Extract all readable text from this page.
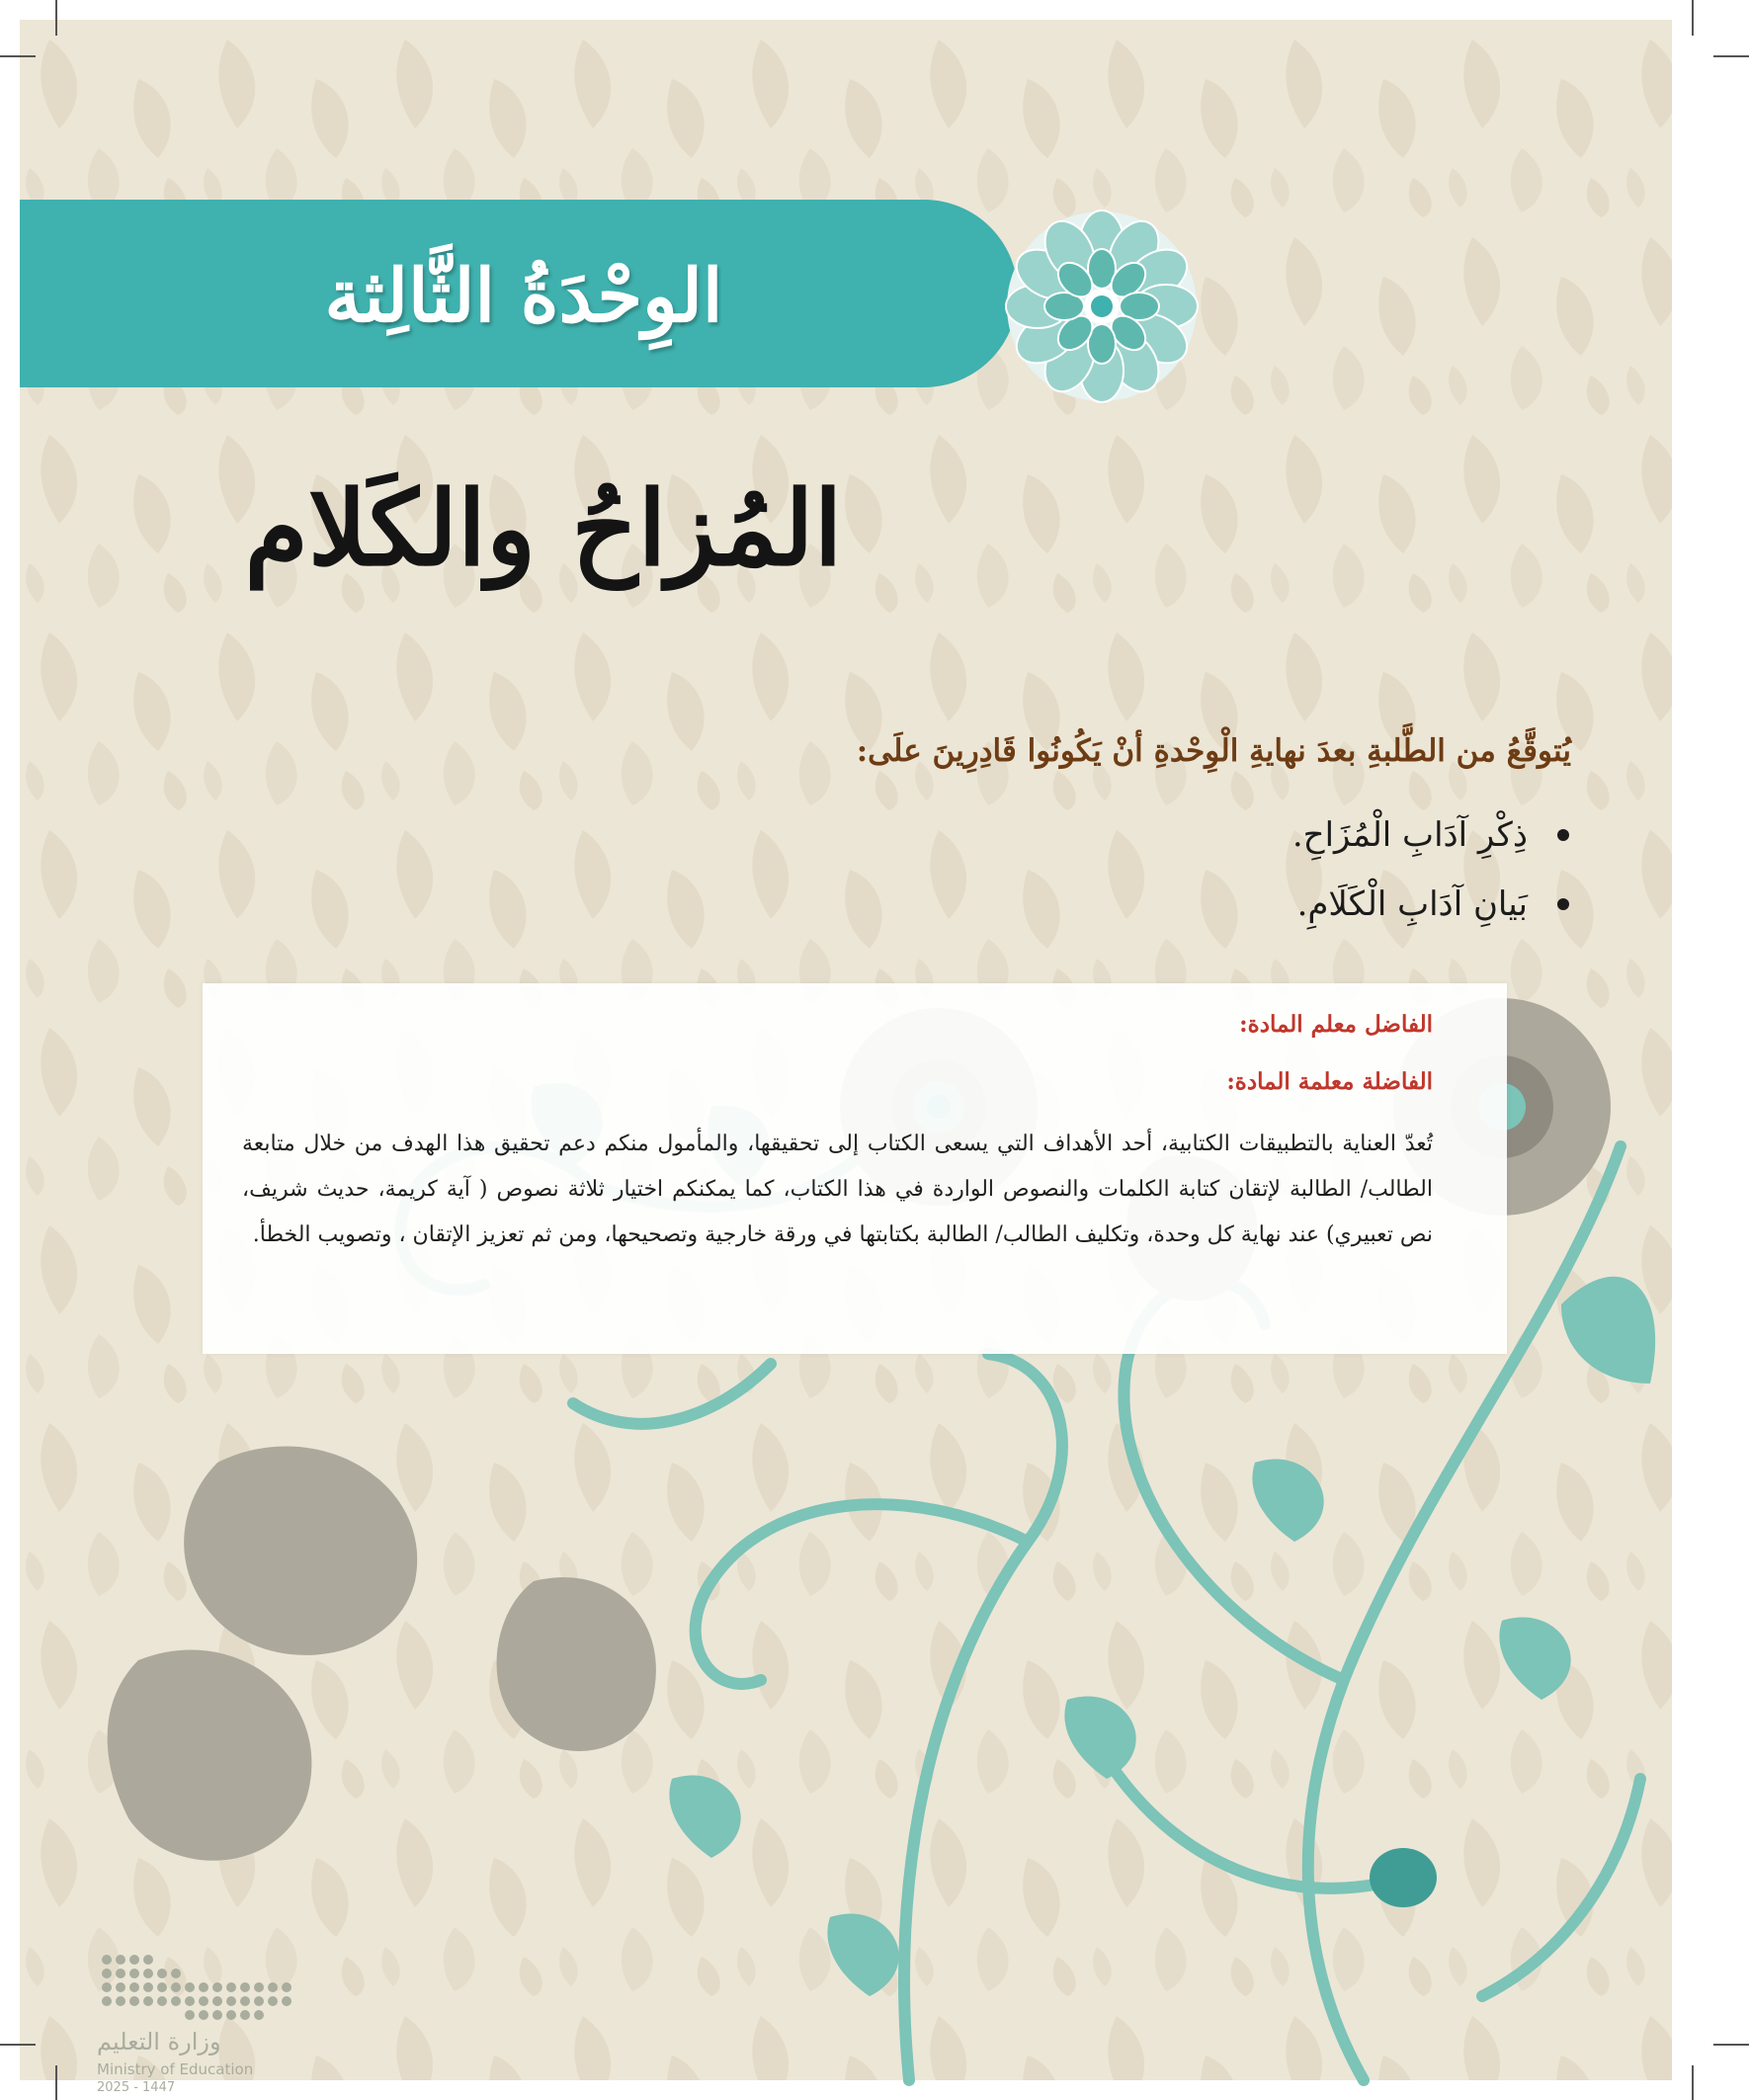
الوِحْدَةُ الثَّالِثة
المُزاحُ والكَلام
يُتوقَّعُ من الطَّلبةِ بعدَ نهايةِ الْوِحْدةِ أنْ يَكُونُوا قَادِرِينَ علَى:
ذِكْرِ آدَابِ الْمُزَاحِ.
بَيانِ آدَابِ الْكَلَامِ.
الفاضل معلم المادة:
الفاضلة معلمة المادة:
تُعدّ العناية بالتطبيقات الكتابية، أحد الأهداف التي يسعى الكتاب إلى تحقيقها، والمأمول منكم دعم تحقيق هذا الهدف من خلال متابعة الطالب/ الطالبة لإتقان كتابة الكلمات والنصوص الواردة في هذا الكتاب، كما يمكنكم اختيار ثلاثة نصوص ( آية كريمة، حديث شريف، نص تعبيري) عند نهاية كل وحدة، وتكليف الطالب/ الطالبة بكتابتها في ورقة خارجية وتصحيحها، ومن ثم تعزيز الإتقان ، وتصويب الخطأ.
وزارة التعليم
Ministry of Education
2025 - 1447
